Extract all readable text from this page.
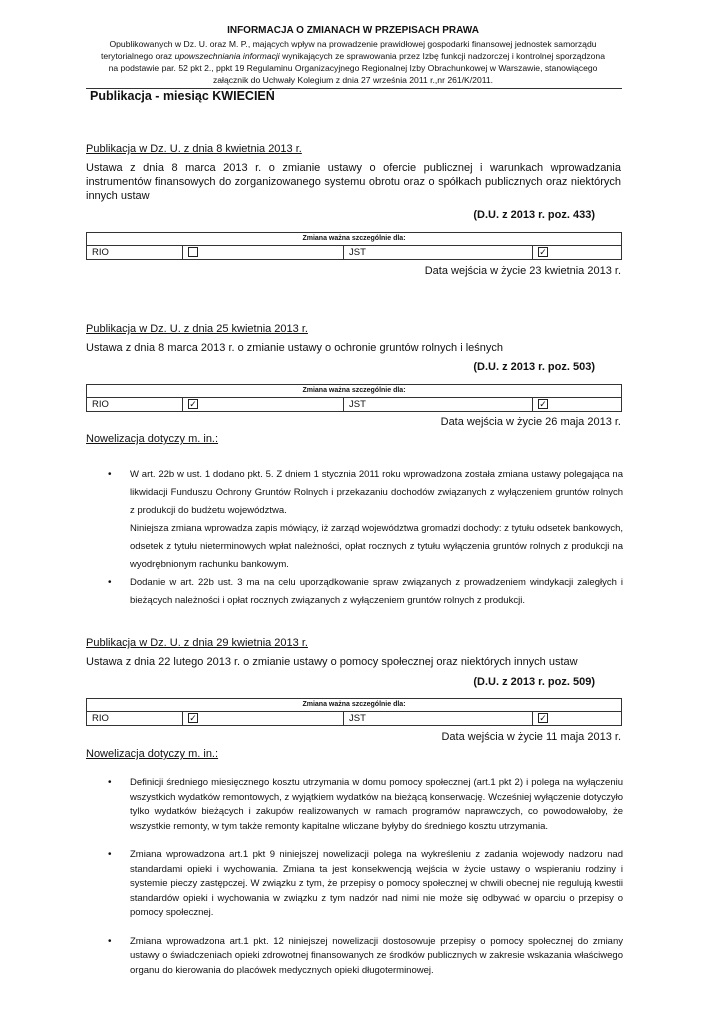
INFORMACJA O ZMIANACH W PRZEPISACH PRAWA
Opublikowanych w Dz. U. oraz M. P., mających wpływ na prowadzenie prawidłowej gospodarki finansowej jednostek samorządu
terytorialnego oraz upowszechniania informacji wynikających ze sprawowania przez Izbę funkcji nadzorczej i kontrolnej sporządzona
na podstawie par. 52 pkt 2., ppkt 19 Regulaminu Organizacyjnego Regionalnej Izby Obrachunkowej w Warszawie, stanowiącego
załącznik do Uchwały Kolegium z dnia 27 września 2011 r.,nr 261/K/2011.
Publikacja - miesiąc KWIECIEŃ
Publikacja w Dz. U. z dnia 8 kwietnia 2013 r.
Ustawa z dnia 8 marca 2013 r. o zmianie ustawy o ofercie publicznej i warunkach wprowadzania instrumentów finansowych do zorganizowanego systemu obrotu oraz o spółkach publicznych oraz niektórych innych ustaw
(D.U. z 2013 r. poz. 433)
Zmiana ważna szczególnie dla:
RIO		JST	✓
Data wejścia w życie 23 kwietnia 2013 r.
Publikacja w Dz. U. z dnia 25 kwietnia 2013 r.
Ustawa z dnia 8 marca 2013 r. o zmianie ustawy o ochronie gruntów rolnych i leśnych
(D.U. z 2013 r. poz. 503)
Zmiana ważna szczególnie dla:
RIO	✓	JST	✓
Data wejścia w życie 26 maja 2013 r.
Nowelizacja dotyczy m. in.:
• W art. 22b w ust. 1 dodano pkt. 5. Z dniem 1 stycznia 2011 roku wprowadzona została zmiana ustawy polegająca na likwidacji Funduszu Ochrony Gruntów Rolnych i przekazaniu dochodów związanych z wyłączeniem gruntów rolnych z produkcji do budżetu województwa.
Niniejsza zmiana wprowadza zapis mówiący, iż zarząd województwa gromadzi dochody: z tytułu odsetek bankowych, odsetek z tytułu nieterminowych wpłat należności, opłat rocznych z tytułu wyłączenia gruntów rolnych z produkcji na wyodrębnionym rachunku bankowym.
• Dodanie w art. 22b ust. 3 ma na celu uporządkowanie spraw związanych z prowadzeniem windykacji zaległych i bieżących należności i opłat rocznych związanych z wyłączeniem gruntów rolnych z produkcji.
Publikacja w Dz. U. z dnia 29 kwietnia 2013 r.
Ustawa z dnia 22 lutego 2013 r. o zmianie ustawy o pomocy społecznej oraz niektórych innych ustaw
(D.U. z 2013 r. poz. 509)
Zmiana ważna szczególnie dla:
RIO	✓	JST	✓
Data wejścia w życie 11 maja 2013 r.
Nowelizacja dotyczy m. in.:
• Definicji średniego miesięcznego kosztu utrzymania w domu pomocy społecznej (art.1 pkt 2) i polega na wyłączeniu wszystkich wydatków remontowych, z wyjątkiem wydatków na bieżącą konserwację. Wcześniej wyłączenie dotyczyło tylko wydatków bieżących i zakupów realizowanych w ramach programów naprawczych, co powodowałoby, że wszystkie remonty, w tym także remonty kapitalne wliczane byłyby do średniego kosztu utrzymania.
• Zmiana wprowadzona art.1 pkt 9 niniejszej nowelizacji polega na wykreśleniu z zadania wojewody nadzoru nad standardami opieki i wychowania. Zmiana ta jest konsekwencją wejścia w życie ustawy o wspieraniu rodziny i systemie pieczy zastępczej. W związku z tym, że przepisy o pomocy społecznej w chwili obecnej nie regulują kwestii standardów opieki i wychowania w związku z tym nadzór nad nimi nie może się odbywać w oparciu o przepisy o pomocy społecznej.
• Zmiana wprowadzona art.1 pkt. 12 niniejszej nowelizacji dostosowuje przepisy o pomocy społecznej do zmiany ustawy o świadczeniach opieki zdrowotnej finansowanych ze środków publicznych w zakresie wskazania właściwego organu do kierowania do placówek medycznych opieki długoterminowej.
